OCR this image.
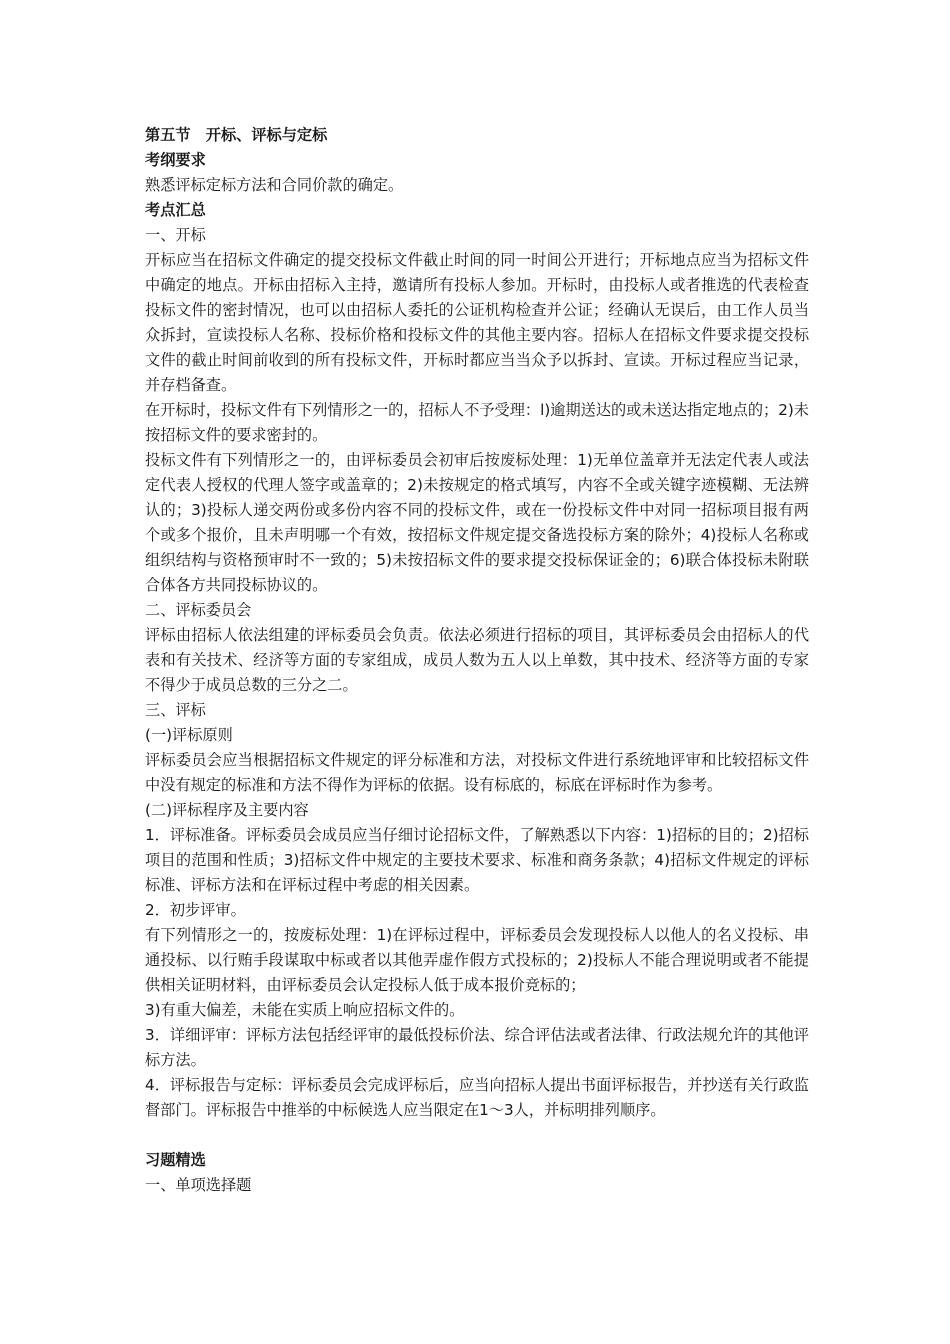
第五节　开标、评标与定标

考纲要求

熟悉评标定标方法和合同价款的确定。

考点汇总

一、开标

开标应当在招标文件确定的提交投标文件截止时间的同一时间公开进行；开标地点应当为招标文件中确定的地点。开标由招标入主持，邀请所有投标人参加。开标时，由投标人或者推选的代表检查投标文件的密封情况，也可以由招标人委托的公证机构检查并公证；经确认无误后，由工作人员当众拆封，宣读投标人名称、投标价格和投标文件的其他主要内容。招标人在招标文件要求提交投标文件的截止时间前收到的所有投标文件，开标时都应当当众予以拆封、宣读。开标过程应当记录，并存档备查。

在开标时，投标文件有下列情形之一的，招标人不予受理：l)逾期送达的或未送达指定地点的；2)未按招标文件的要求密封的。

投标文件有下列情形之一的，由评标委员会初审后按废标处理：1)无单位盖章并无法定代表人或法定代表人授权的代理人签字或盖章的；2)未按规定的格式填写，内容不全或关键字迹模糊、无法辨认的；3)投标人递交两份或多份内容不同的投标文件，或在一份投标文件中对同一招标项目报有两个或多个报价，且未声明哪一个有效，按招标文件规定提交备选投标方案的除外；4)投标人名称或组织结构与资格预审时不一致的；5)未按招标文件的要求提交投标保证金的；6)联合体投标未附联合体各方共同投标协议的。

二、评标委员会

评标由招标人依法组建的评标委员会负责。依法必须进行招标的项目，其评标委员会由招标人的代表和有关技术、经济等方面的专家组成，成员人数为五人以上单数，其中技术、经济等方面的专家不得少于成员总数的三分之二。

三、评标

(一)评标原则

评标委员会应当根据招标文件规定的评分标准和方法，对投标文件进行系统地评审和比较招标文件中没有规定的标准和方法不得作为评标的依据。设有标底的，标底在评标时作为参考。

(二)评标程序及主要内容

1．评标准备。评标委员会成员应当仔细讨论招标文件，了解熟悉以下内容：1)招标的目的；2)招标项目的范围和性质；3)招标文件中规定的主要技术要求、标准和商务条款；4)招标文件规定的评标标准、评标方法和在评标过程中考虑的相关因素。

2．初步评审。

有下列情形之一的，按废标处理：1)在评标过程中，评标委员会发现投标人以他人的名义投标、串通投标、以行贿手段谋取中标或者以其他弄虚作假方式投标的；2)投标人不能合理说明或者不能提供相关证明材料，由评标委员会认定投标人低于成本报价竞标的；

3)有重大偏差，未能在实质上响应招标文件的。

3．详细评审：评标方法包括经评审的最低投标价法、综合评估法或者法律、行政法规允许的其他评标方法。

4．评标报告与定标：评标委员会完成评标后，应当向招标人提出书面评标报告，并抄送有关行政监督部门。评标报告中推举的中标候选人应当限定在1～3人，并标明排列顺序。

习题精选

一、单项选择题
